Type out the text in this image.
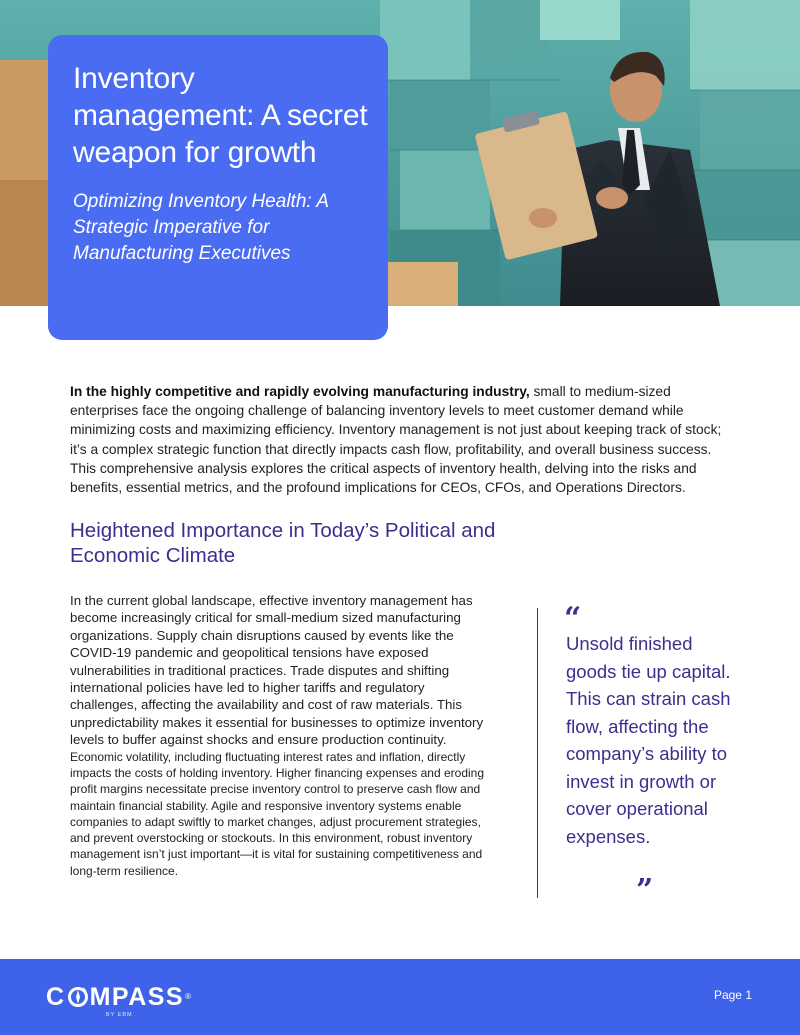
Inventory management: A secret weapon for growth
Optimizing Inventory Health: A Strategic Imperative for Manufacturing Executives

In the highly competitive and rapidly evolving manufacturing industry, small to medium-sized enterprises face the ongoing challenge of balancing inventory levels to meet customer demand while minimizing costs and maximizing efficiency. Inventory management is not just about keeping track of stock; it’s a complex strategic function that directly impacts cash flow, profitability, and overall business success. This comprehensive analysis explores the critical aspects of inventory health, delving into the risks and benefits, essential metrics, and the profound implications for CEOs, CFOs, and Operations Directors.

Heightened Importance in Today’s Political and Economic Climate

In the current global landscape, effective inventory management has become increasingly critical for small-medium sized manufacturing organizations. Supply chain disruptions caused by events like the COVID-19 pandemic and geopolitical tensions have exposed vulnerabilities in traditional practices. Trade disputes and shifting international policies have led to higher tariffs and regulatory challenges, affecting the availability and cost of raw materials. This unpredictability makes it essential for businesses to optimize inventory levels to buffer against shocks and ensure production continuity.

Economic volatility, including fluctuating interest rates and inflation, directly impacts the costs of holding inventory. Higher financing expenses and eroding profit margins necessitate precise inventory control to preserve cash flow and maintain financial stability. Agile and responsive inventory systems enable companies to adapt swiftly to market changes, adjust procurement strategies, and prevent overstocking or stockouts. In this environment, robust inventory management isn’t just important—it is vital for sustaining competitiveness and long-term resilience.

“
Unsold finished goods tie up capital. This can strain cash flow, affecting the company’s ability to invest in growth or cover operational expenses.
”
C MPASS ®
BY EBM
Page 1
